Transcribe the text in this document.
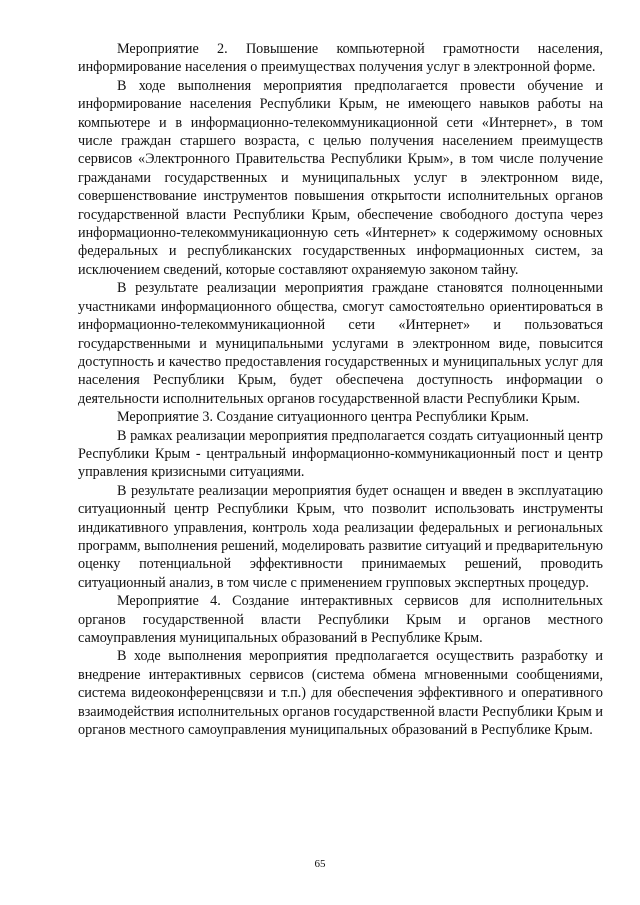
Мероприятие 2. Повышение компьютерной грамотности населения, информирование населения о преимуществах получения услуг в электронной форме.

В ходе выполнения мероприятия предполагается провести обучение и информирование населения Республики Крым, не имеющего навыков работы на компьютере и в информационно-телекоммуникационной сети «Интернет», в том числе граждан старшего возраста, с целью получения населением преимуществ сервисов «Электронного Правительства Республики Крым», в том числе получение гражданами государственных и муниципальных услуг в электронном виде, совершенствование инструментов повышения открытости исполнительных органов государственной власти Республики Крым, обеспечение свободного доступа через информационно-телекоммуникационную сеть «Интернет» к содержимому основных федеральных и республиканских государственных информационных систем, за исключением сведений, которые составляют охраняемую законом тайну.

В результате реализации мероприятия граждане становятся полноценными участниками информационного общества, смогут самостоятельно ориентироваться в информационно-телекоммуникационной сети «Интернет» и пользоваться государственными и муниципальными услугами в электронном виде, повысится доступность и качество предоставления государственных и муниципальных услуг для населения Республики Крым, будет обеспечена доступность информации о деятельности исполнительных органов государственной власти Республики Крым.

Мероприятие 3. Создание ситуационного центра Республики Крым.

В рамках реализации мероприятия предполагается создать ситуационный центр Республики Крым - центральный информационно-коммуникационный пост и центр управления кризисными ситуациями.

В результате реализации мероприятия будет оснащен и введен в эксплуатацию ситуационный центр Республики Крым, что позволит использовать инструменты индикативного управления, контроль хода реализации федеральных и региональных программ, выполнения решений, моделировать развитие ситуаций и предварительную оценку потенциальной эффективности принимаемых решений, проводить ситуационный анализ, в том числе с применением групповых экспертных процедур.

Мероприятие 4. Создание интерактивных сервисов для исполнительных органов государственной власти Республики Крым и органов местного самоуправления муниципальных образований в Республике Крым.

В ходе выполнения мероприятия предполагается осуществить разработку и внедрение интерактивных сервисов (система обмена мгновенными сообщениями, система видеоконференцсвязи и т.п.) для обеспечения эффективного и оперативного взаимодействия исполнительных органов государственной власти Республики Крым и органов местного самоуправления муниципальных образований в Республике Крым.

65
